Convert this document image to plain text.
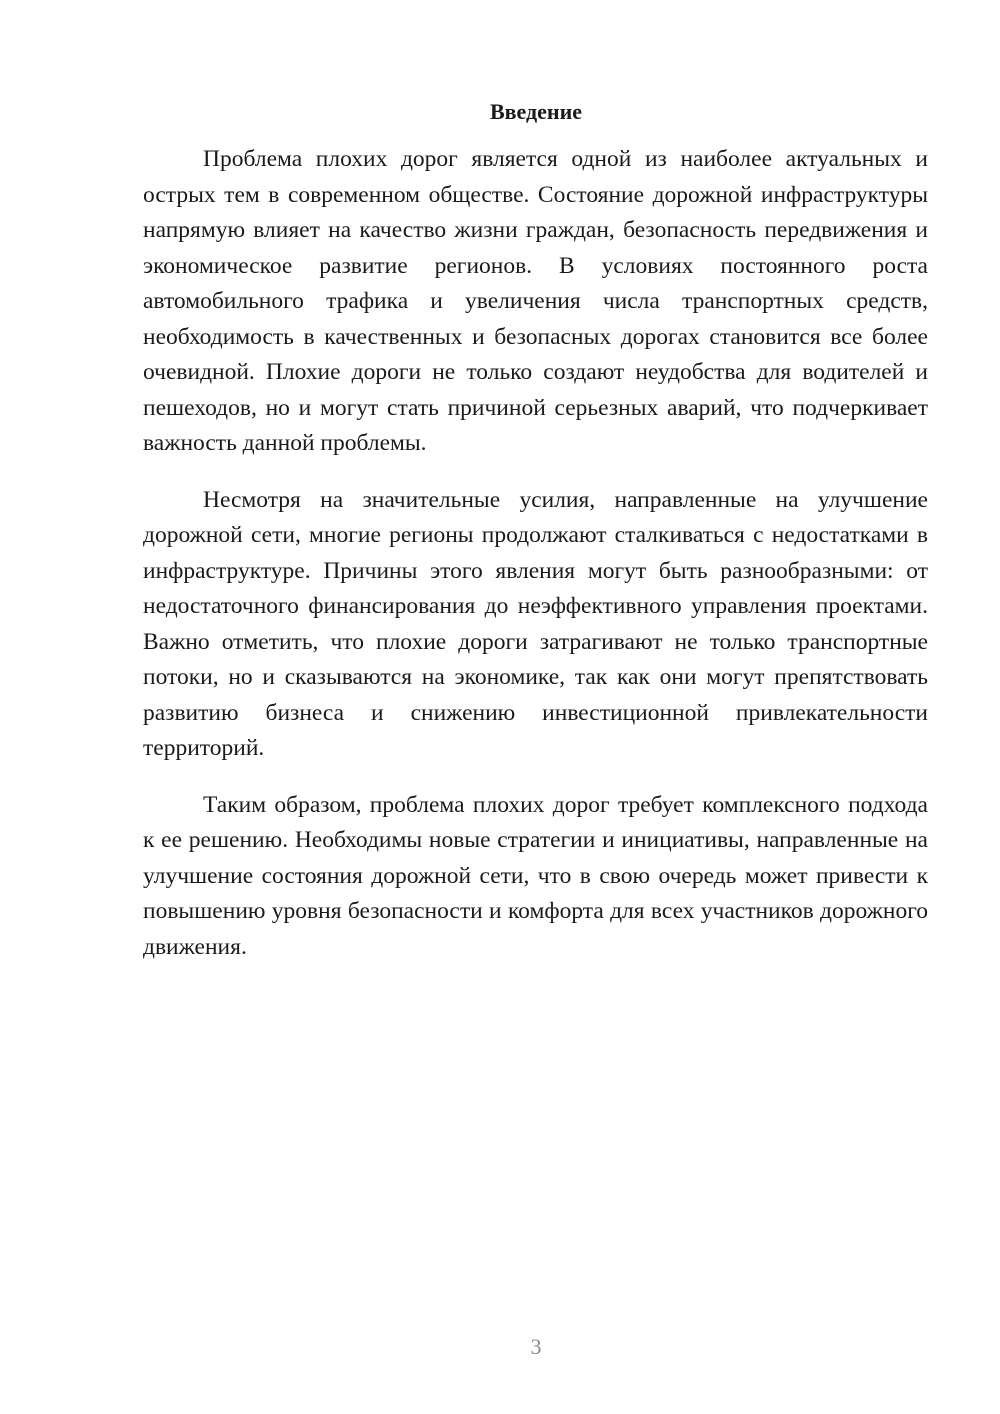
Введение

Проблема плохих дорог является одной из наиболее актуальных и острых тем в современном обществе. Состояние дорожной инфраструктуры напрямую влияет на качество жизни граждан, безопасность передвижения и экономическое развитие регионов. В условиях постоянного роста автомобильного трафика и увеличения числа транспортных средств, необходимость в качественных и безопасных дорогах становится все более очевидной. Плохие дороги не только создают неудобства для водителей и пешеходов, но и могут стать причиной серьезных аварий, что подчеркивает важность данной проблемы.

Несмотря на значительные усилия, направленные на улучшение дорожной сети, многие регионы продолжают сталкиваться с недостатками в инфраструктуре. Причины этого явления могут быть разнообразными: от недостаточного финансирования до неэффективного управления проектами. Важно отметить, что плохие дороги затрагивают не только транспортные потоки, но и сказываются на экономике, так как они могут препятствовать развитию бизнеса и снижению инвестиционной привлекательности территорий.

Таким образом, проблема плохих дорог требует комплексного подхода к ее решению. Необходимы новые стратегии и инициативы, направленные на улучшение состояния дорожной сети, что в свою очередь может привести к повышению уровня безопасности и комфорта для всех участников дорожного движения.

3
